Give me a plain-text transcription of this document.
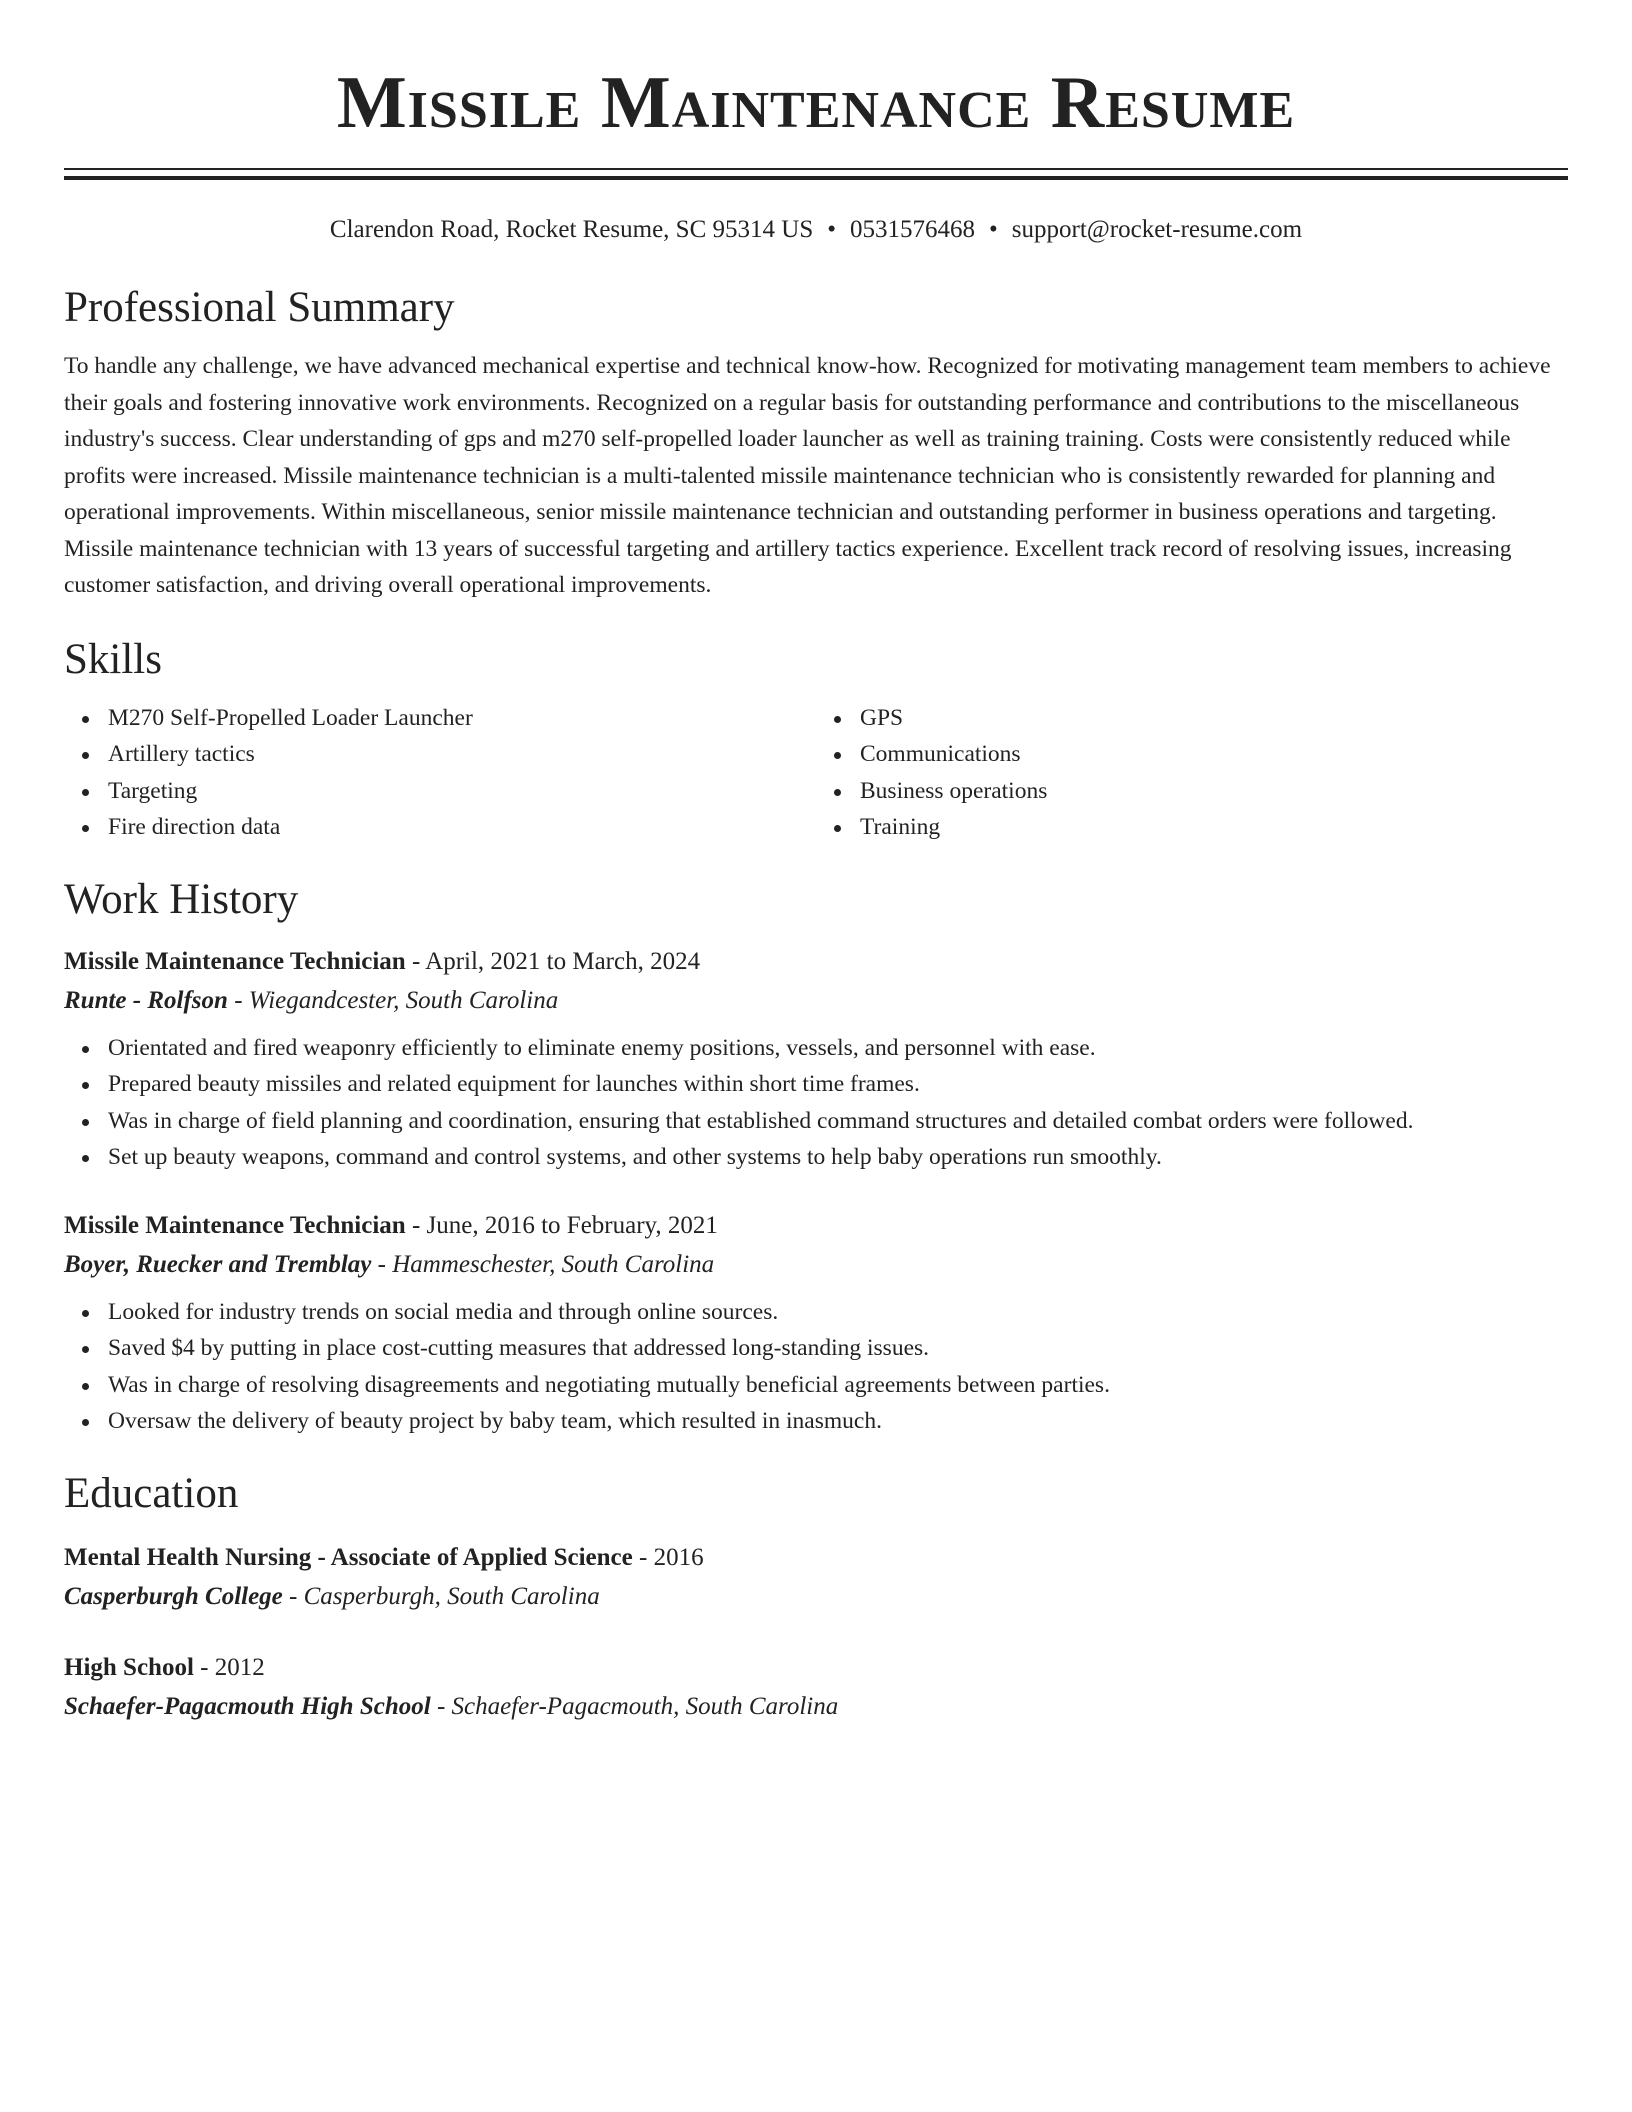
Missile Maintenance Resume
Clarendon Road, Rocket Resume, SC 95314 US • 0531576468 • support@rocket-resume.com
Professional Summary

To handle any challenge, we have advanced mechanical expertise and technical know-how. Recognized for motivating management team members to achieve their goals and fostering innovative work environments. Recognized on a regular basis for outstanding performance and contributions to the miscellaneous industry's success. Clear understanding of gps and m270 self-propelled loader launcher as well as training training. Costs were consistently reduced while profits were increased. Missile maintenance technician is a multi-talented missile maintenance technician who is consistently rewarded for planning and operational improvements. Within miscellaneous, senior missile maintenance technician and outstanding performer in business operations and targeting. Missile maintenance technician with 13 years of successful targeting and artillery tactics experience. Excellent track record of resolving issues, increasing customer satisfaction, and driving overall operational improvements.

Skills
M270 Self-Propelled Loader Launcher
Artillery tactics
Targeting
Fire direction data
GPS
Communications
Business operations
Training
Work History
Missile Maintenance Technician - April, 2021 to March, 2024
Runte - Rolfson - Wiegandcester, South Carolina
Orientated and fired weaponry efficiently to eliminate enemy positions, vessels, and personnel with ease.
Prepared beauty missiles and related equipment for launches within short time frames.
Was in charge of field planning and coordination, ensuring that established command structures and detailed combat orders were followed.
Set up beauty weapons, command and control systems, and other systems to help baby operations run smoothly.
Missile Maintenance Technician - June, 2016 to February, 2021
Boyer, Ruecker and Tremblay - Hammeschester, South Carolina
Looked for industry trends on social media and through online sources.
Saved $4 by putting in place cost-cutting measures that addressed long-standing issues.
Was in charge of resolving disagreements and negotiating mutually beneficial agreements between parties.
Oversaw the delivery of beauty project by baby team, which resulted in inasmuch.
Education
Mental Health Nursing - Associate of Applied Science - 2016
Casperburgh College - Casperburgh, South Carolina
High School - 2012
Schaefer-Pagacmouth High School - Schaefer-Pagacmouth, South Carolina
